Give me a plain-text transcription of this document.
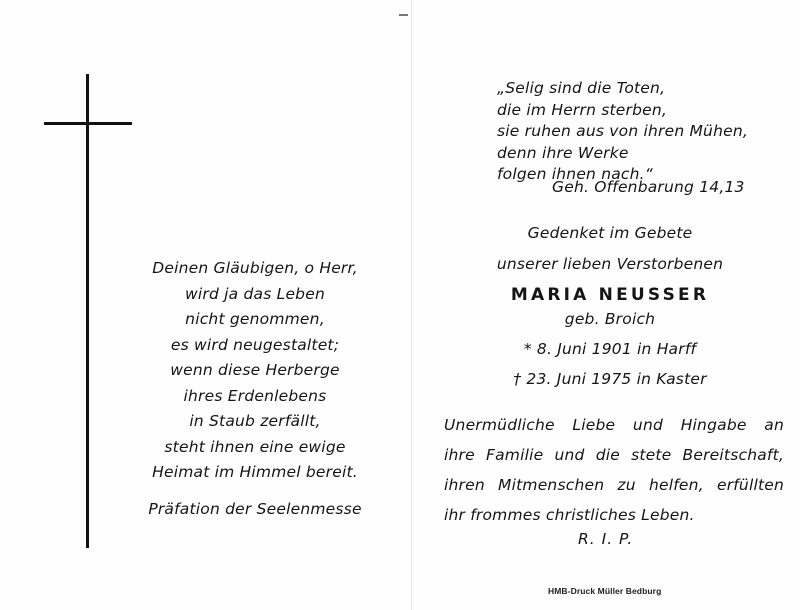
Deinen Gläubigen, o Herr,
wird ja das Leben
nicht genommen,
es wird neugestaltet;
wenn diese Herberge
ihres Erdenlebens
in Staub zerfällt,
steht ihnen eine ewige
Heimat im Himmel bereit.
Präfation der Seelenmesse
„Selig sind die Toten,
die im Herrn sterben,
sie ruhen aus von ihren Mühen,
denn ihre Werke
folgen ihnen nach.“
Geh. Offenbarung 14,13
Gedenket im Gebete
unserer lieben Verstorbenen
MARIA NEUSSER
geb. Broich
* 8. Juni 1901 in Harff
† 23. Juni 1975 in Kaster
Unermüdliche Liebe und Hingabe an
ihre Familie und die stete Bereitschaft,
ihren Mitmenschen zu helfen, erfüllten
ihr frommes christliches Leben.
R. I. P.
HMB-Druck Müller Bedburg
